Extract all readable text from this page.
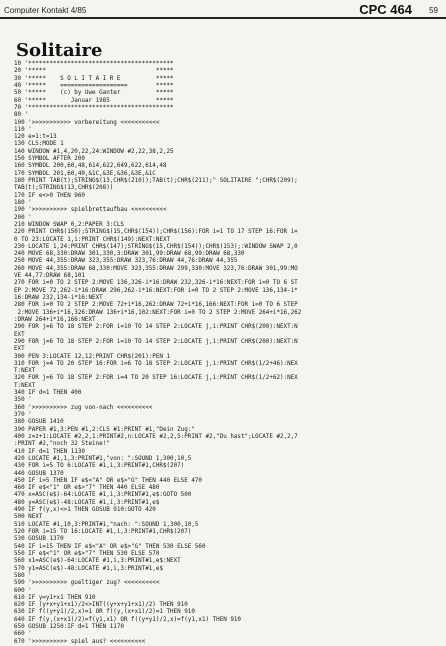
Computer Kontakt 4/85	CPC 464 59
Solitaire
10 '*****************************************
20 '*****                               *****
30 '*****    S O L I T A I R E          *****
40 '*****    ===================        *****
50 '*****    (c) by Uwe Ganter          *****
60 '*****       Januar 1985             *****
70 '*****************************************
80 '
100 '>>>>>>>>>>> vorbereitung <<<<<<<<<<<
110 '
120 e=1:t=13
130 CLS:MODE 1
140 WINDOW #1,4,20,22,24:WINDOW #2,22,38,2,25
150 SYMBOL AFTER 200
160 SYMBOL 200,60,48,614,622,649,622,614,48
170 SYMBOL 201,60,40,&1C,&3E,&36,&3E,&1C
180 PRINT TAB(t);STRING$(13,CHR$(210));TAB(t);CHR$(211);" SOLITAIRE ";CHR$(209);
TAB(t);STRING$(13,CHR$(208))
170 IF e<>0 THEN 960
180 '
190 '>>>>>>>>>> spielbrettaufbau <<<<<<<<<<
200 '
210 WINDOW SWAP 0,2:PAPER 3:CLS
220 PRINT CHR$(150);STRING$(15,CHR$(154));CHR$(156):FOR i=1 TO 17 STEP 16:FOR i=
0 TO 23:LOCATE 1,i:PRINT CHR$(149):NEXT:NEXT
230 LOCATE 1,24:PRINT CHR$(147);STRING$(15,CHR$(154));CHR$(153);:WINDOW SWAP 2,0
240 MOVE 68,330:DRAW 301,330,3:DRAW 301,99:DRAW 68,99:DRAW 68,330
250 MOVE 44,355:DRAW 323,355:DRAW 323,76:DRAW 44,76:DRAW 44,355
260 MOVE 44,355:DRAW 68,330:MOVE 323,355:DRAW 299,330:MOVE 323,76:DRAW 301,99:MO
VE 44,77:DRAW 68,101
270 FOR i=0 TO 2 STEP 2:MOVE 136,326-i*16:DRAW 232,326-i*16:NEXT:FOR i=0 TO 6 ST
EP 2:MOVE 72,262-i*16:DRAW 296,262-i*16:NEXT:FOR i=0 TO 2 STEP 2:MOVE 136,134-i*
16:DRAW 232,134-i*16:NEXT
280 FOR i=0 TO 2 STEP 2:MOVE 72+i*16,262:DRAW 72+i*16,166:NEXT:FOR i=0 TO 6 STEP
2:MOVE 136+i*16,326:DRAW 136+i*16,102:NEXT:FOR i=0 TO 2 STEP 2:MOVE 264+i*16,262
:DRAW 264+i*16,166:NEXT
290 FOR j=6 TO 18 STEP 2:FOR i=10 TO 14 STEP 2:LOCATE j,i:PRINT CHR$(200):NEXT:N
EXT
290 FOR j=6 TO 18 STEP 2:FOR i=10 TO 14 STEP 2:LOCATE j,i:PRINT CHR$(200):NEXT:N
EXT
300 PEN 3:LOCATE 12,12:PRINT CHR$(201):PEN 1
310 FOR j=4 TO 20 STEP 16:FOR i=6 TO 18 STEP 2:LOCATE j,i:PRINT CHR$(1/2+46):NEX
T:NEXT
320 FOR j=6 TO 18 STEP 2:FOR i=4 TO 20 STEP 16:LOCATE j,i:PRINT CHR$(1/2+62):NEX
T:NEXT
340 IF d=1 THEN 400
350 '
360 '>>>>>>>>>> zug von-nach <<<<<<<<<<
370 '
380 GOSUB 1410
390 PAPER #1,3:PEN #1,2:CLS #1:PRINT #1,"Dein Zug:"
400 z=z+1:LOCATE #2,2,1:PRINT#2,n:LOCATE #2,2,5:PRINT #2,"Du hast";LOCATE #2,2,7
:PRINT #2,"noch 32 Steine!"
410 IF d=1 THEN 1130
420 LOCATE #1,1,3:PRINT#1,"von: ":SOUND 1,300,10,5
430 FOR i=5 TO 6:LOCATE #1,i,3:PRINT#1,CHR$(207)
440 GOSUB 1370
450 IF i=5 THEN IF e$<"A" OR e$>"G" THEN 440 ELSE 470
460 IF e$<"1" OR e$>"7" THEN 440 ELSE 480
470 x=ASC(e$)-64:LOCATE #1,i,3:PRINT#1,e$:GOTO 500
480 y=ASC(e$)-48:LOCATE #1,i,3:PRINT#1,e$
490 IF f(y,x)<>1 THEN GOSUB 910:GOTO 420
500 NEXT
510 LOCATE #1,10,3:PRINT#1,"nach: ":SOUND 1,300,10,5
520 FOR i=15 TO 16:LOCATE #1,i,3:PRINT#1,CHR$(207)
530 GOSUB 1370
540 IF i=15 THEN IF e$<"A" OR e$>"G" THEN 530 ELSE 560
550 IF e$<"1" OR e$>"7" THEN 530 ELSE 570
560 x1=ASC(e$)-64:LOCATE #1,i,3:PRINT#1,e$:NEXT
570 y1=ASC(e$)-48:LOCATE #1,i,3:PRINT#1,e$
580 '
590 '>>>>>>>>>> gueltiger zug? <<<<<<<<<<
600 '
610 IF y=y1+x1 THEN 910
620 IF (y+x+y1+x1)/2<>INT((y+x+y1+x1)/2) THEN 910
630 IF f((y+y1)/2,x)=1 OR f((y,(x+x1)/2)=1 THEN 910
640 IF f(y,(x+x1)/2)=f(y1,x1) OR f((y+y1)/2,x)=f(y1,x1) THEN 910
650 GOSUB 1250:IF d=1 THEN 1170
660 '
670 '>>>>>>>>>> spiel aus? <<<<<<<<<<
